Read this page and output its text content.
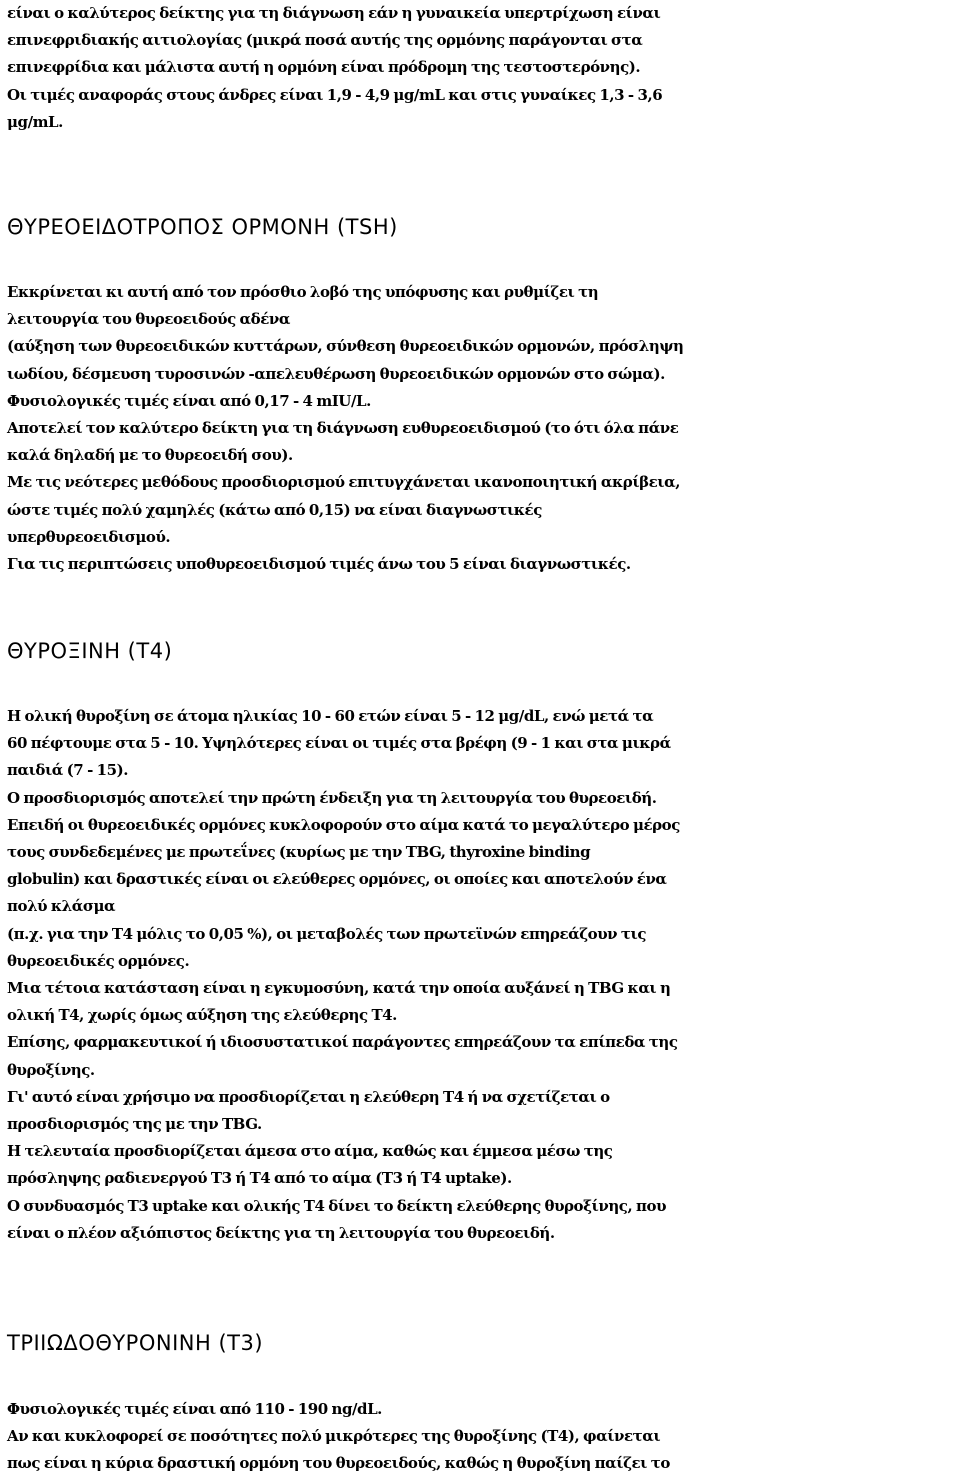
είναι ο καλύτερος δείκτης για τη διάγνωση εάν η γυναικεία υπερτρίχωση είναι
επινεφριδιακής αιτιολογίας (μικρά ποσά αυτής της ορμόνης παράγονται στα
επινεφρίδια και μάλιστα αυτή η ορμόνη είναι πρόδρομη της τεστοστερόνης).
Οι τιμές αναφοράς στους άνδρες είναι 1,9 - 4,9 μg/mL και στις γυναίκες 1,3 - 3,6
μg/mL.
ΘΥΡΕΟΕΙΔΟΤΡΟΠΟΣ ΟΡΜΟΝΗ (TSH)
Εκκρίνεται κι αυτή από τον πρόσθιο λοβό της υπόφυσης και ρυθμίζει τη
λειτουργία του θυρεοειδούς αδένα
(αύξηση των θυρεοειδικών κυττάρων, σύνθεση θυρεοειδικών ορμονών, πρόσληψη
ιωδίου, δέσμευση τυροσινών -απελευθέρωση θυρεοειδικών ορμονών στο σώμα).
Φυσιολογικές τιμές είναι από 0,17 - 4 mIU/L.
Αποτελεί τον καλύτερο δείκτη για τη διάγνωση ευθυρεοειδισμού (το ότι όλα πάνε
καλά δηλαδή με το θυρεοειδή σου).
Με τις νεότερες μεθόδους προσδιορισμού επιτυγχάνεται ικανοποιητική ακρίβεια,
ώστε τιμές πολύ χαμηλές (κάτω από 0,15) να είναι διαγνωστικές
υπερθυρεοειδισμού.
Για τις περιπτώσεις υποθυρεοειδισμού τιμές άνω του 5 είναι διαγνωστικές.
ΘΥΡΟΞΙΝΗ (T4)
Η ολική θυροξίνη σε άτομα ηλικίας 10 - 60 ετών είναι 5 - 12 μg/dL, ενώ μετά τα
60 πέφτουμε στα 5 - 10. Υψηλότερες είναι οι τιμές στα βρέφη (9 - 1 και στα μικρά
παιδιά (7 - 15).
Ο προσδιορισμός αποτελεί την πρώτη ένδειξη για τη λειτουργία του θυρεοειδή.
Επειδή οι θυρεοειδικές ορμόνες κυκλοφορούν στο αίμα κατά το μεγαλύτερο μέρος
τους συνδεδεμένες με πρωτεΐνες (κυρίως με την TBG, thyroxine binding
globulin) και δραστικές είναι οι ελεύθερες ορμόνες, οι οποίες και αποτελούν ένα
πολύ κλάσμα
(π.χ. για την T4 μόλις το 0,05 %), οι μεταβολές των πρωτεϊνών επηρεάζουν τις
θυρεοειδικές ορμόνες.
Μια τέτοια κατάσταση είναι η εγκυμοσύνη, κατά την οποία αυξάνεί η TBG και η
ολική T4, χωρίς όμως αύξηση της ελεύθερης T4.
Επίσης, φαρμακευτικοί ή ιδιοσυστατικοί παράγοντες επηρεάζουν τα επίπεδα της
θυροξίνης.
Γι' αυτό είναι χρήσιμο να προσδιορίζεται η ελεύθερη T4 ή να σχετίζεται ο
προσδιορισμός της με την TBG.
Η τελευταία προσδιορίζεται άμεσα στο αίμα, καθώς και έμμεσα μέσω της
πρόσληψης ραδιενεργού T3 ή T4 από το αίμα (T3 ή T4 uptake).
Ο συνδυασμός T3 uptake και ολικής T4 δίνει το δείκτη ελεύθερης θυροξίνης, που
είναι ο πλέον αξιόπιστος δείκτης για τη λειτουργία του θυρεοειδή.
ΤΡΙΙΩΔΟΘΥΡΟΝΙΝΗ (T3)
Φυσιολογικές τιμές είναι από 110 - 190 ng/dL.
Αν και κυκλοφορεί σε ποσότητες πολύ μικρότερες της θυροξίνης (T4), φαίνεται
πως είναι η κύρια δραστική ορμόνη του θυρεοειδούς, καθώς η θυροξίνη παίζει το
